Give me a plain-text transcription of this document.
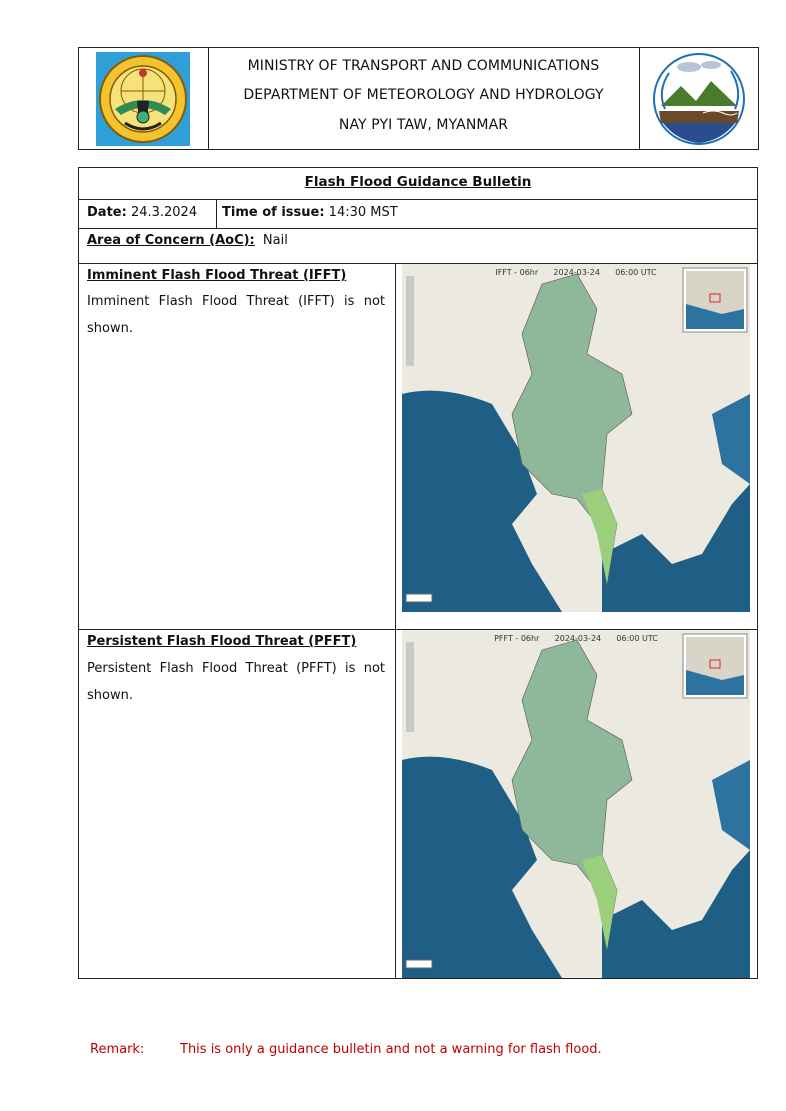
MINISTRY OF TRANSPORT AND COMMUNICATIONS
DEPARTMENT OF METEOROLOGY AND HYDROLOGY
NAY PYI TAW, MYANMAR
Flash Flood Guidance Bulletin
Date: 24.3.2024 Time of issue: 14:30 MST
Area of Concern (AoC): Nail
Imminent Flash Flood Threat (IFFT)
Imminent Flash Flood Threat (IFFT) is not shown.
Persistent Flash Flood Threat (PFFT)
Persistent Flash Flood Threat (PFFT) is not shown.
IFFT - 06hr 2024-03-24 06:00 UTC
PFFT - 06hr 2024-03-24 06:00 UTC
Remark:	This is only a guidance bulletin and not a warning for flash flood.
